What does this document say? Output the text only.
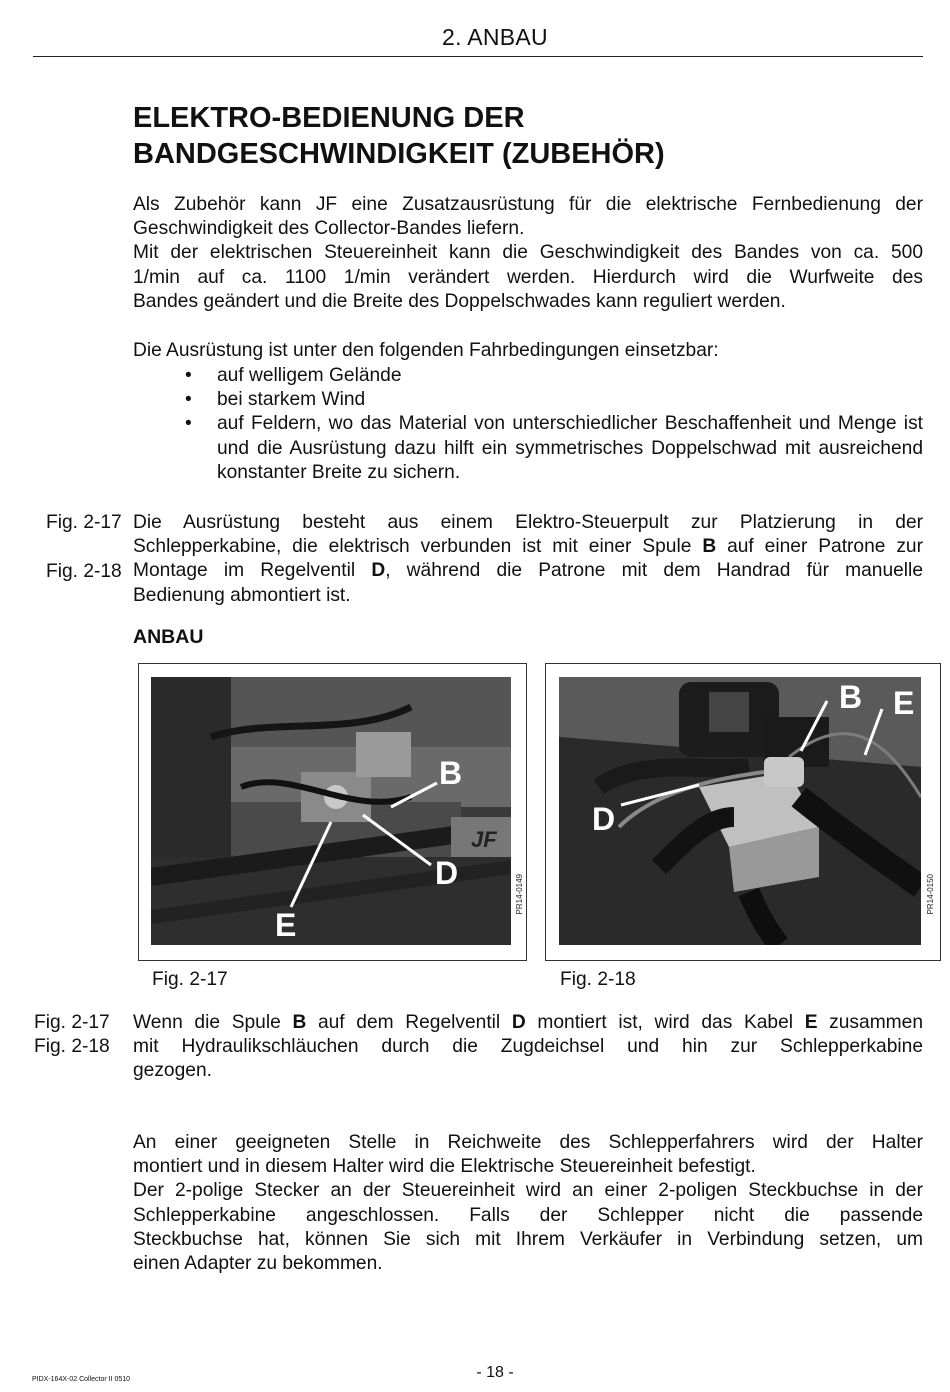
2. ANBAU
ELEKTRO-BEDIENUNG DER
BANDGESCHWINDIGKEIT (ZUBEHÖR)
Als Zubehör kann JF eine Zusatzausrüstung für die elektrische Fernbedienung der
Geschwindigkeit des Collector-Bandes liefern.
Mit der elektrischen Steuereinheit kann die Geschwindigkeit des Bandes von ca. 500
1/min auf ca. 1100 1/min verändert werden. Hierdurch wird die Wurfweite des
Bandes geändert und die Breite des Doppelschwades kann reguliert werden.
Die Ausrüstung ist unter den folgenden Fahrbedingungen einsetzbar:
• auf welligem Gelände
• bei starkem Wind
• auf Feldern, wo das Material von unterschiedlicher Beschaffenheit und Menge ist und die Ausrüstung dazu hilft ein symmetrisches Doppelschwad mit ausreichend konstanter Breite zu sichern.
Fig. 2-17
Fig. 2-18
Die Ausrüstung besteht aus einem Elektro-Steuerpult zur Platzierung in der
Schlepperkabine, die elektrisch verbunden ist mit einer Spule B auf einer Patrone zur
Montage im Regelventil D, während die Patrone mit dem Handrad für manuelle
Bedienung abmontiert ist.
ANBAU
JF
B
D
E
PR14-0149
Fig. 2-17
B E
D
PR14-0150
Fig. 2-18
Fig. 2-17
Fig. 2-18
Wenn die Spule B auf dem Regelventil D montiert ist, wird das Kabel E zusammen
mit Hydraulikschläuchen durch die Zugdeichsel und hin zur Schlepperkabine
gezogen.
An einer geeigneten Stelle in Reichweite des Schlepperfahrers wird der Halter
montiert und in diesem Halter wird die Elektrische Steuereinheit befestigt.
Der 2-polige Stecker an der Steuereinheit wird an einer 2-poligen Steckbuchse in der
Schlepperkabine angeschlossen. Falls der Schlepper nicht die passende
Steckbuchse hat, können Sie sich mit Ihrem Verkäufer in Verbindung setzen, um
einen Adapter zu bekommen.
PIDX-164X-02 Collector II 0510	- 18 -
